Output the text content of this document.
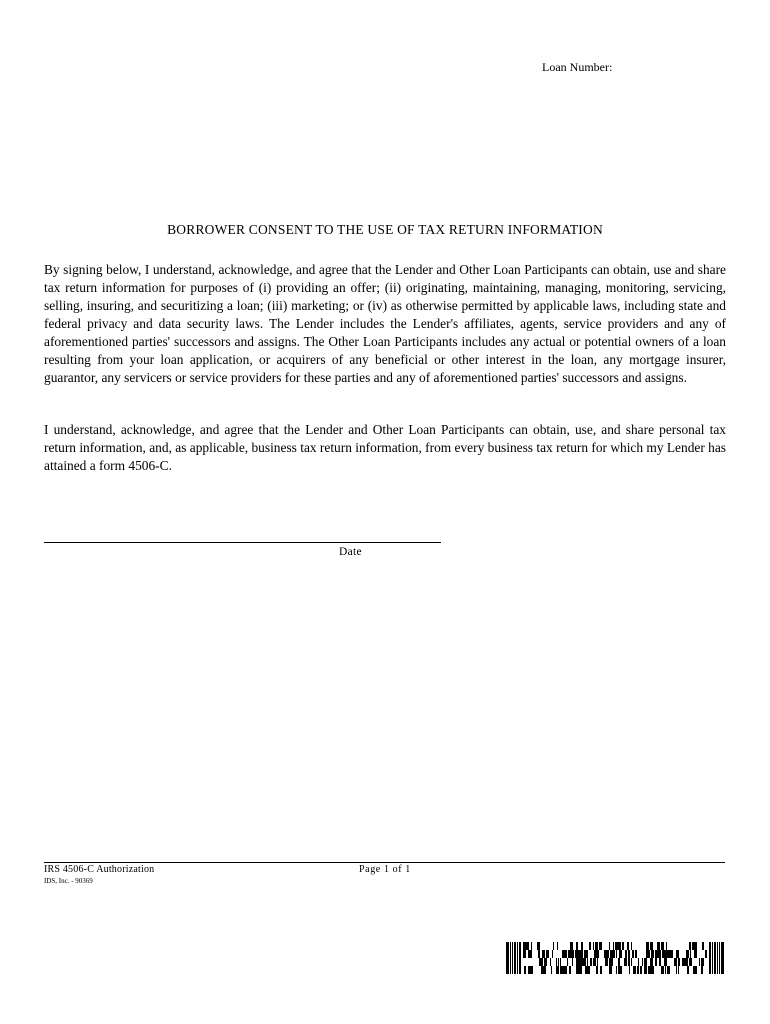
Loan Number:
BORROWER CONSENT TO THE USE OF TAX RETURN INFORMATION
By signing below, I understand, acknowledge, and agree that the Lender and Other Loan Participants can obtain, use and share tax return information for purposes of (i) providing an offer; (ii) originating, maintaining, managing, monitoring, servicing, selling, insuring, and securitizing a loan; (iii) marketing; or (iv) as otherwise permitted by applicable laws, including state and federal privacy and data security laws. The Lender includes the Lender's affiliates, agents, service providers and any of aforementioned parties' successors and assigns. The Other Loan Participants includes any actual or potential owners of a loan resulting from your loan application, or acquirers of any beneficial or other interest in the loan, any mortgage insurer, guarantor, any servicers or service providers for these parties and any of aforementioned parties' successors and assigns.
I understand, acknowledge, and agree that the Lender and Other Loan Participants can obtain, use, and share personal tax return information, and, as applicable, business tax return information, from every business tax return for which my Lender has attained a form 4506-C.
Date
IRS 4506-C Authorization
IDS, Inc. - 90369
Page 1 of 1
